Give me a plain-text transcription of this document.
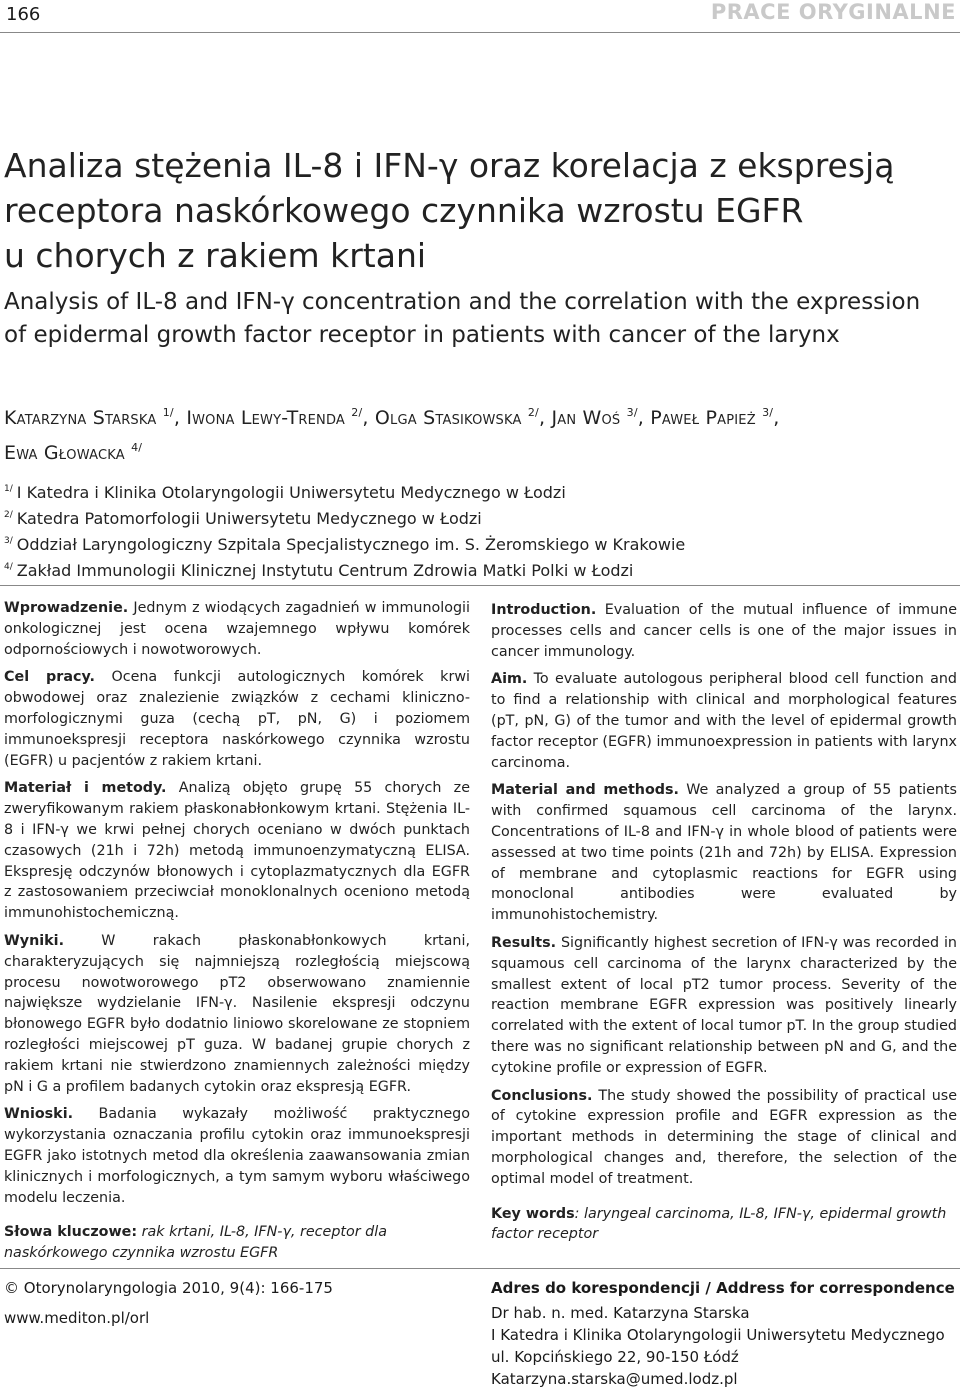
166	PRACE ORYGINALNE
Analiza stężenia IL-8 i IFN-γ oraz korelacja z ekspresją
receptora naskórkowego czynnika wzrostu EGFR
u chorych z rakiem krtani
Analysis of IL-8 and IFN-γ concentration and the correlation with the expression
of epidermal growth factor receptor in patients with cancer of the larynx
Katarzyna Starska $^{1/}$, Iwona Lewy-Trenda $^{2/}$, Olga Stasikowska $^{2/}$, Jan Woś $^{3/}$, Paweł Papież $^{3/}$,
Ewa Głowacka $^{4/}$
$^{1/}$ I Katedra i Klinika Otolaryngologii Uniwersytetu Medycznego w Łodzi
$^{2/}$ Katedra Patomorfologii Uniwersytetu Medycznego w Łodzi
$^{3/}$ Oddział Laryngologiczny Szpitala Specjalistycznego im. S. Żeromskiego w Krakowie
$^{4/}$ Zakład Immunologii Klinicznej Instytutu Centrum Zdrowia Matki Polki w Łodzi

Wprowadzenie. Jednym z wiodących zagadnień w immunologii onkologicznej jest ocena wzajemnego wpływu komórek odpornościowych i nowotworowych.

Cel pracy. Ocena funkcji autologicznych komórek krwi obwodowej oraz znalezienie związków z cechami kliniczno-morfologicznymi guza (cechą pT, pN, G) i poziomem immunoekspresji receptora naskórkowego czynnika wzrostu (EGFR) u pacjentów z rakiem krtani.

Materiał i metody. Analizą objęto grupę 55 chorych ze zweryfikowanym rakiem płaskonabłonkowym krtani. Stężenia IL-8 i IFN-γ we krwi pełnej chorych oceniano w dwóch punktach czasowych (21h i 72h) metodą immunoenzymatyczną ELISA. Ekspresję odczynów błonowych i cytoplazmatycznych dla EGFR z zastosowaniem przeciwciał monoklonalnych oceniono metodą immunohistochemiczną.

Wyniki. W rakach płaskonabłonkowych krtani, charakteryzujących się najmniejszą rozległością miejscową procesu nowotworowego pT2 obserwowano znamiennie największe wydzielanie IFN-γ. Nasilenie ekspresji odczynu błonowego EGFR było dodatnio liniowo skorelowane ze stopniem rozległości miejscowej pT guza. W badanej grupie chorych z rakiem krtani nie stwierdzono znamiennych zależności między pN i G a profilem badanych cytokin oraz ekspresją EGFR.

Wnioski. Badania wykazały możliwość praktycznego wykorzystania oznaczania profilu cytokin oraz immunoekspresji EGFR jako istotnych metod dla określenia zaawansowania zmian klinicznych i morfologicznych, a tym samym wyboru właściwego modelu leczenia.

Słowa kluczowe: rak krtani, IL-8, IFN-γ, receptor dla naskórkowego czynnika wzrostu EGFR

Introduction. Evaluation of the mutual influence of immune processes cells and cancer cells is one of the major issues in cancer immunology.

Aim. To evaluate autologous peripheral blood cell function and to find a relationship with clinical and morphological features (pT, pN, G) of the tumor and with the level of epidermal growth factor receptor (EGFR) immunoexpression in patients with larynx carcinoma.

Material and methods. We analyzed a group of 55 patients with confirmed squamous cell carcinoma of the larynx. Concentrations of IL-8 and IFN-γ in whole blood of patients were assessed at two time points (21h and 72h) by ELISA. Expression of membrane and cytoplasmic reactions for EGFR using monoclonal antibodies were evaluated by immunohistochemistry.

Results. Significantly highest secretion of IFN-γ was recorded in squamous cell carcinoma of the larynx characterized by the smallest extent of local pT2 tumor process. Severity of the reaction membrane EGFR expression was positively linearly correlated with the extent of local tumor pT. In the group studied there was no significant relationship between pN and G, and the cytokine profile or expression of EGFR.

Conclusions. The study showed the possibility of practical use of cytokine expression profile and EGFR expression as the important methods in determining the stage of clinical and morphological changes and, therefore, the selection of the optimal model of treatment.

Key words: laryngeal carcinoma, IL-8, IFN-γ, epidermal growth factor receptor

© Otorynolaryngologia 2010, 9(4): 166-175
www.mediton.pl/orl
Adres do korespondencji / Address for correspondence
Dr hab. n. med. Katarzyna Starska
I Katedra i Klinika Otolaryngologii Uniwersytetu Medycznego
ul. Kopcińskiego 22, 90-150 Łódź
Katarzyna.starska@umed.lodz.pl
